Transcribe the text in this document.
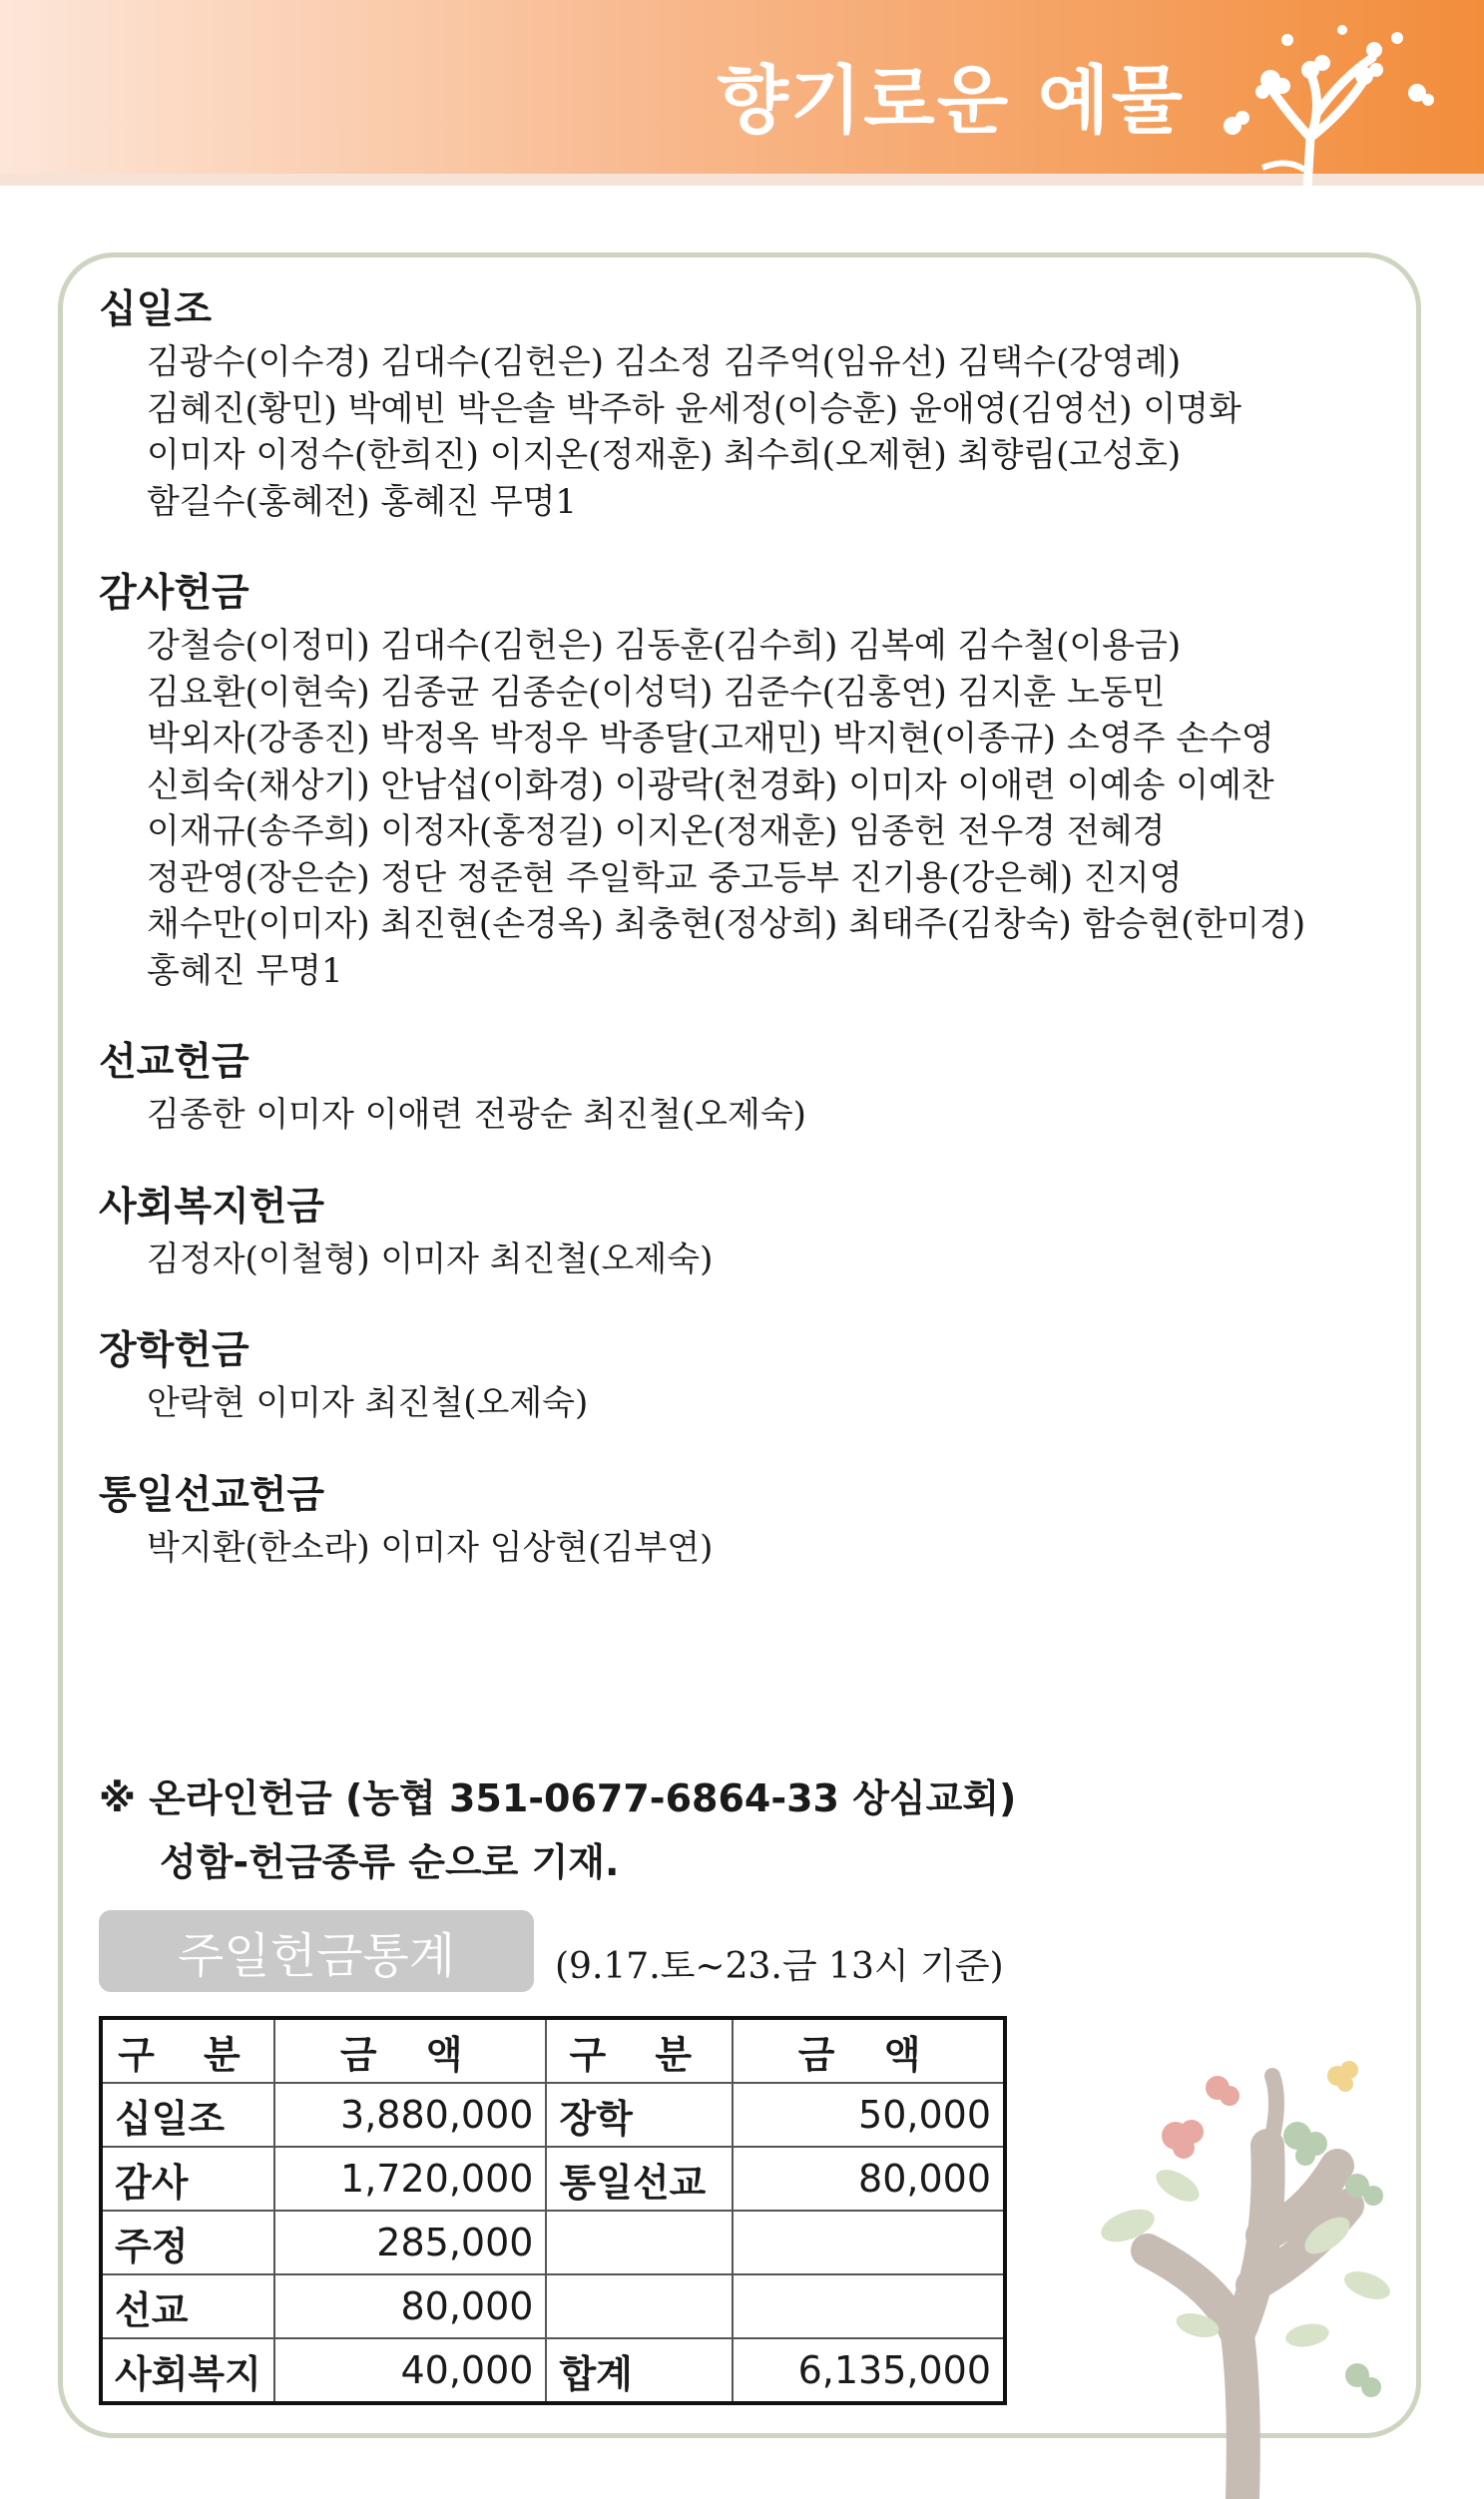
향기로운 예물
십일조
김광수(이수경) 김대수(김헌은) 김소정 김주억(임유선) 김택수(강영례)
김혜진(황민) 박예빈 박은솔 박주하 윤세정(이승훈) 윤애영(김영선) 이명화
이미자 이정수(한희진) 이지온(정재훈) 최수희(오제현) 최향림(고성호)
함길수(홍혜전) 홍혜진 무명1
감사헌금
강철승(이정미) 김대수(김헌은) 김동훈(김수희) 김복예 김수철(이용금)
김요환(이현숙) 김종균 김종순(이성덕) 김준수(김홍연) 김지훈 노동민
박외자(강종진) 박정옥 박정우 박종달(고재민) 박지현(이종규) 소영주 손수영
신희숙(채상기) 안남섭(이화경) 이광락(천경화) 이미자 이애련 이예송 이예찬
이재규(송주희) 이정자(홍정길) 이지온(정재훈) 임종헌 전우경 전혜경
정관영(장은순) 정단 정준현 주일학교 중고등부 진기용(강은혜) 진지영
채수만(이미자) 최진현(손경옥) 최충현(정상희) 최태주(김창숙) 함승현(한미경)
홍혜진 무명1
선교헌금
김종한 이미자 이애련 전광순 최진철(오제숙)
사회복지헌금
김정자(이철형) 이미자 최진철(오제숙)
장학헌금
안락현 이미자 최진철(오제숙)
통일선교헌금
박지환(한소라) 이미자 임상현(김부연)
※ 온라인헌금 (농협 351-0677-6864-33 상심교회)
성함-헌금종류 순으로 기재.
주일헌금통계	(9.17.토~23.금 13시 기준)
구 분	금 액	구 분	금 액
십일조	3,880,000	장학	50,000
감사	1,720,000	통일선교	80,000
주정	285,000		
선교	80,000		
사회복지	40,000	합계	6,135,000
